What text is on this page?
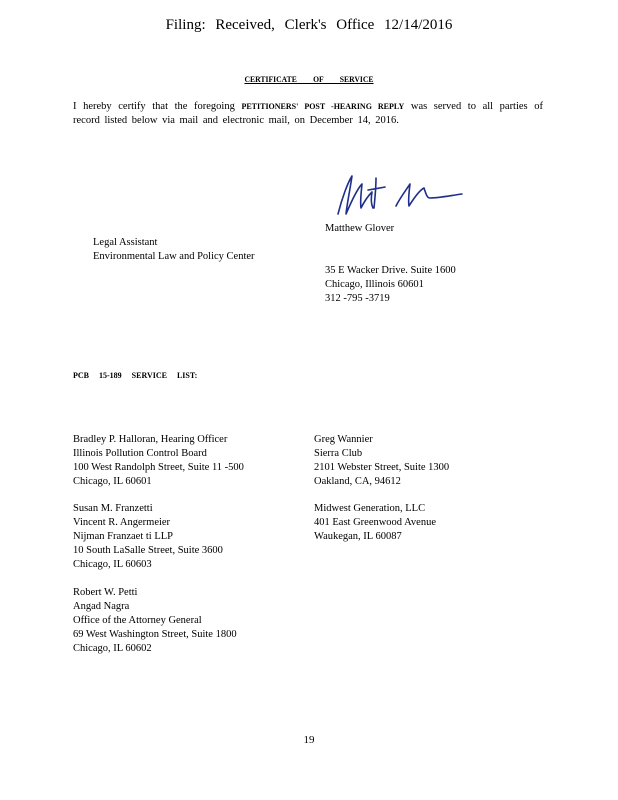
Filing: Received, Clerk's Office 12/14/2016
CERTIFICATE OF SERVICE
I hereby certify that the foregoing PETITIONERS' POST -HEARING REPLY was served to all parties of record listed below via mail and electronic mail, on December 14, 2016.
Matthew Glover
Legal Assistant
Environmental Law and Policy Center
35 E Wacker Drive. Suite 1600
Chicago, Illinois 60601
312 -795 -3719
PCB 15-189 SERVICE LIST:
Bradley P. Halloran, Hearing Officer
Illinois Pollution Control Board
100 West Randolph Street, Suite 11 -500
Chicago, IL 60601
Susan M. Franzetti
Vincent R. Angermeier
Nijman Franzaet ti LLP
10 South LaSalle Street, Suite 3600
Chicago, IL 60603
Robert W. Petti
Angad Nagra
Office of the Attorney General
69 West Washington Street, Suite 1800
Chicago, IL 60602
Greg Wannier
Sierra Club
2101 Webster Street, Suite 1300
Oakland, CA, 94612
Midwest Generation, LLC
401 East Greenwood Avenue
Waukegan, IL 60087
19
